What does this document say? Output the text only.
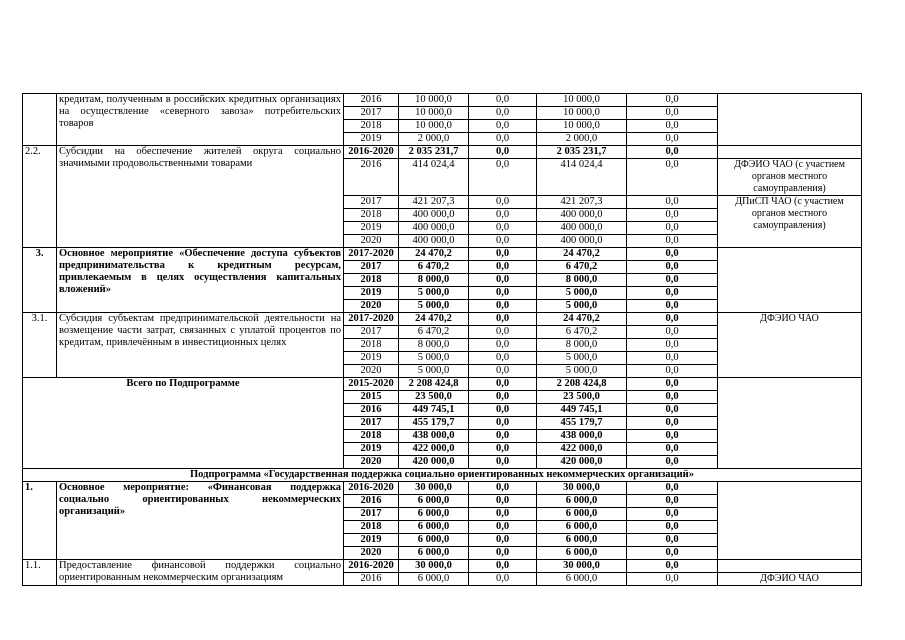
	кредитам, полученным в российских кредитных организациях на осуществление «северного завоза» потребительских товаров	2016	10 000,0	0,0	10 000,0	0,0	
		2017	10 000,0	0,0	10 000,0	0,0	
		2018	10 000,0	0,0	10 000,0	0,0	
		2019	2 000,0	0,0	2 000,0	0,0	
2.2.	Субсидии на обеспечение жителей округа социально значимыми продовольственными товарами	2016-2020	2 035 231,7	0,0	2 035 231,7	0,0	
		2016	414 024,4	0,0	414 024,4	0,0	ДФЭИО ЧАО (с участием органов местного самоуправления)
		2017	421 207,3	0,0	421 207,3	0,0	ДПиСП ЧАО (с участием органов местного самоуправления)
		2018	400 000,0	0,0	400 000,0	0,0	
		2019	400 000,0	0,0	400 000,0	0,0	
		2020	400 000,0	0,0	400 000,0	0,0	
3.	Основное мероприятие «Обеспечение доступа субъектов предпринимательства к кредитным ресурсам, привлекаемым в целях осуществления капитальных вложений»	2017-2020	24 470,2	0,0	24 470,2	0,0	
		2017	6 470,2	0,0	6 470,2	0,0	
		2018	8 000,0	0,0	8 000,0	0,0	
		2019	5 000,0	0,0	5 000,0	0,0	
		2020	5 000,0	0,0	5 000,0	0,0	
3.1.	Субсидия субъектам предпринимательской деятельности на возмещение части затрат, связанных с уплатой процентов по кредитам, привлечённым в инвестиционных целях	2017-2020	24 470,2	0,0	24 470,2	0,0	ДФЭИО ЧАО
		2017	6 470,2	0,0	6 470,2	0,0	
		2018	8 000,0	0,0	8 000,0	0,0	
		2019	5 000,0	0,0	5 000,0	0,0	
		2020	5 000,0	0,0	5 000,0	0,0	
Всего по Подпрограмме		2015-2020	2 208 424,8	0,0	2 208 424,8	0,0	
		2015	23 500,0	0,0	23 500,0	0,0	
		2016	449 745,1	0,0	449 745,1	0,0	
		2017	455 179,7	0,0	455 179,7	0,0	
		2018	438 000,0	0,0	438 000,0	0,0	
		2019	422 000,0	0,0	422 000,0	0,0	
		2020	420 000,0	0,0	420 000,0	0,0	
Подпрограмма «Государственная поддержка социально ориентированных некоммерческих организаций»							
1.	Основное мероприятие: «Финансовая поддержка социально ориентированных некоммерческих организаций»	2016-2020	30 000,0	0,0	30 000,0	0,0	
		2016	6 000,0	0,0	6 000,0	0,0	
		2017	6 000,0	0,0	6 000,0	0,0	
		2018	6 000,0	0,0	6 000,0	0,0	
		2019	6 000,0	0,0	6 000,0	0,0	
		2020	6 000,0	0,0	6 000,0	0,0	
1.1.	Предоставление финансовой поддержки социально ориентированным некоммерческим организациям	2016-2020	30 000,0	0,0	30 000,0	0,0	
		2016	6 000,0	0,0	6 000,0	0,0	ДФЭИО ЧАО
